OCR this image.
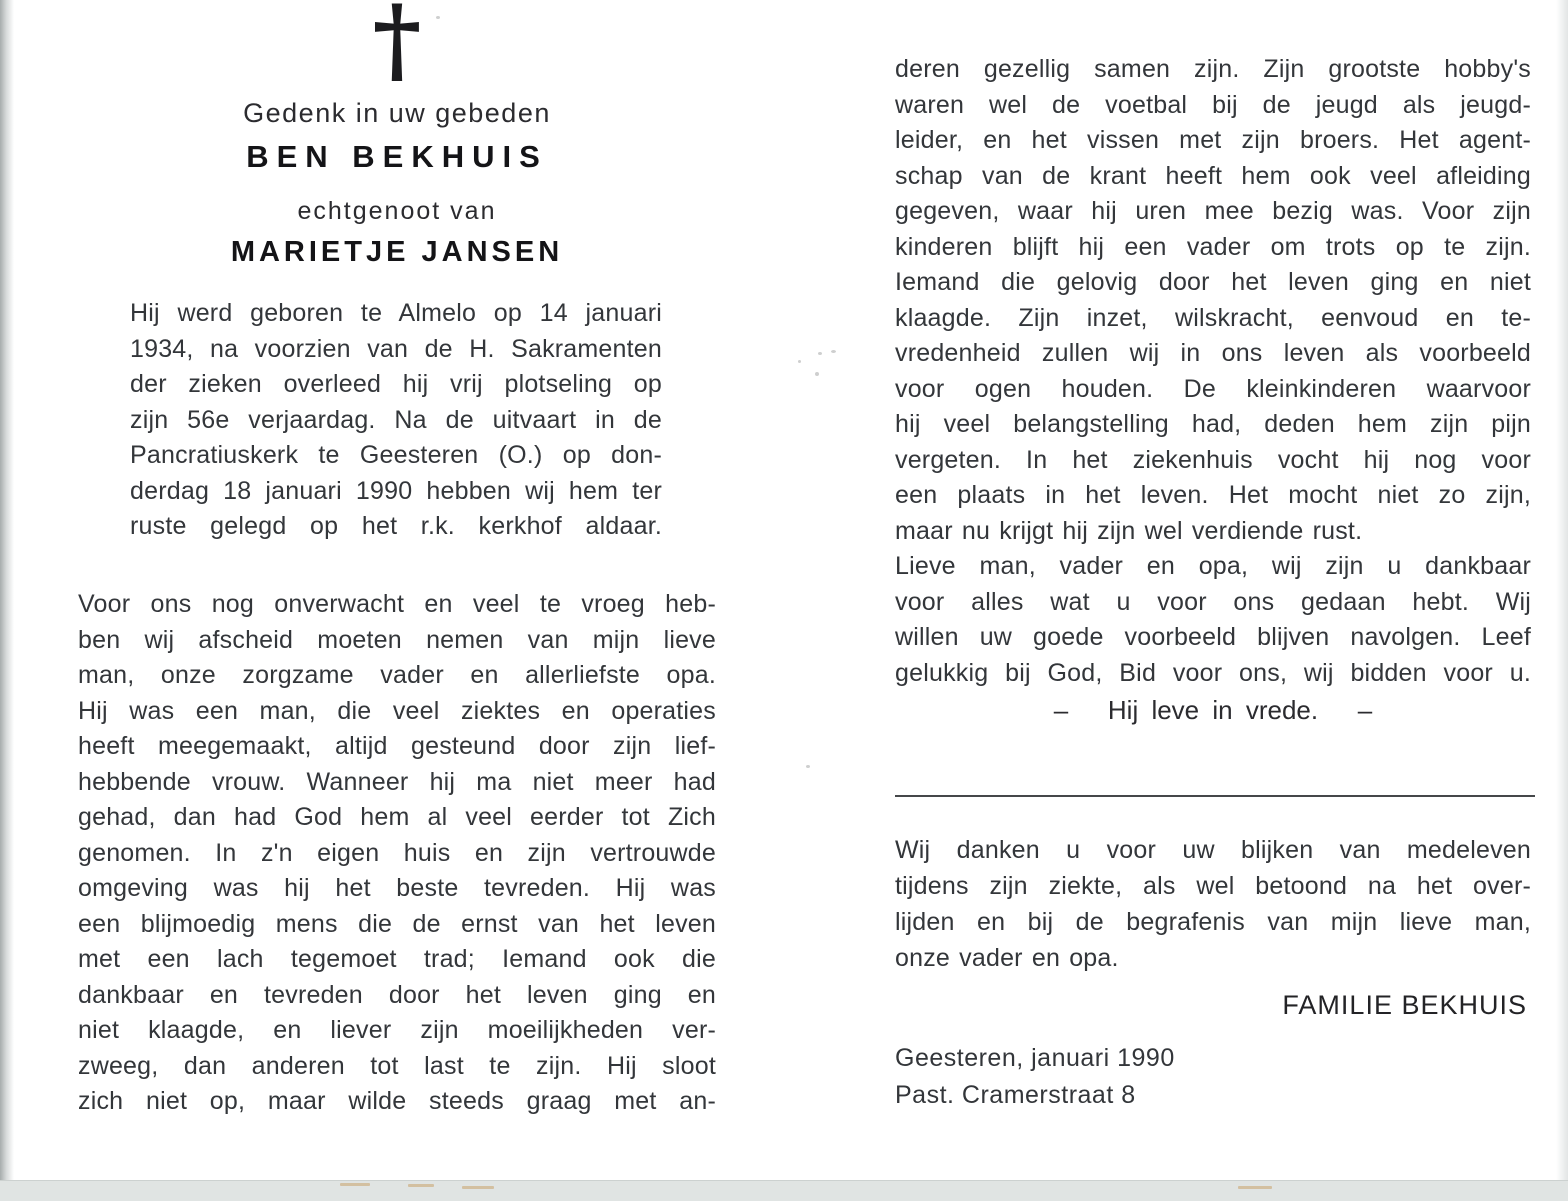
†
Gedenk in uw gebeden
BEN BEKHUIS
echtgenoot van
MARIETJE JANSEN
Hij werd geboren te Almelo op 14 januari
1934, na voorzien van de H. Sakramenten
der zieken overleed hij vrij plotseling op
zijn 56e verjaardag. Na de uitvaart in de
Pancratiuskerk te Geesteren (O.) op don-
derdag 18 januari 1990 hebben wij hem ter
ruste gelegd op het r.k. kerkhof aldaar.
Voor ons nog onverwacht en veel te vroeg heb-
ben wij afscheid moeten nemen van mijn lieve
man, onze zorgzame vader en allerliefste opa.
Hij was een man, die veel ziektes en operaties
heeft meegemaakt, altijd gesteund door zijn lief-
hebbende vrouw. Wanneer hij ma niet meer had
gehad, dan had God hem al veel eerder tot Zich
genomen. In z'n eigen huis en zijn vertrouwde
omgeving was hij het beste tevreden. Hij was
een blijmoedig mens die de ernst van het leven
met een lach tegemoet trad; Iemand ook die
dankbaar en tevreden door het leven ging en
niet klaagde, en liever zijn moeilijkheden ver-
zweeg, dan anderen tot last te zijn. Hij sloot
zich niet op, maar wilde steeds graag met an-
deren gezellig samen zijn. Zijn grootste hobby's
waren wel de voetbal bij de jeugd als jeugd-
leider, en het vissen met zijn broers. Het agent-
schap van de krant heeft hem ook veel afleiding
gegeven, waar hij uren mee bezig was. Voor zijn
kinderen blijft hij een vader om trots op te zijn.
Iemand die gelovig door het leven ging en niet
klaagde. Zijn inzet, wilskracht, eenvoud en te-
vredenheid zullen wij in ons leven als voorbeeld
voor ogen houden. De kleinkinderen waarvoor
hij veel belangstelling had, deden hem zijn pijn
vergeten. In het ziekenhuis vocht hij nog voor
een plaats in het leven. Het mocht niet zo zijn,
maar nu krijgt hij zijn wel verdiende rust.
Lieve man, vader en opa, wij zijn u dankbaar
voor alles wat u voor ons gedaan hebt. Wij
willen uw goede voorbeeld blijven navolgen. Leef
gelukkig bij God, Bid voor ons, wij bidden voor u.
–   Hij leve in vrede.   –
Wij danken u voor uw blijken van medeleven
tijdens zijn ziekte, als wel betoond na het over-
lijden en bij de begrafenis van mijn lieve man,
onze vader en opa.
FAMILIE BEKHUIS
Geesteren, januari 1990
Past. Cramerstraat 8
